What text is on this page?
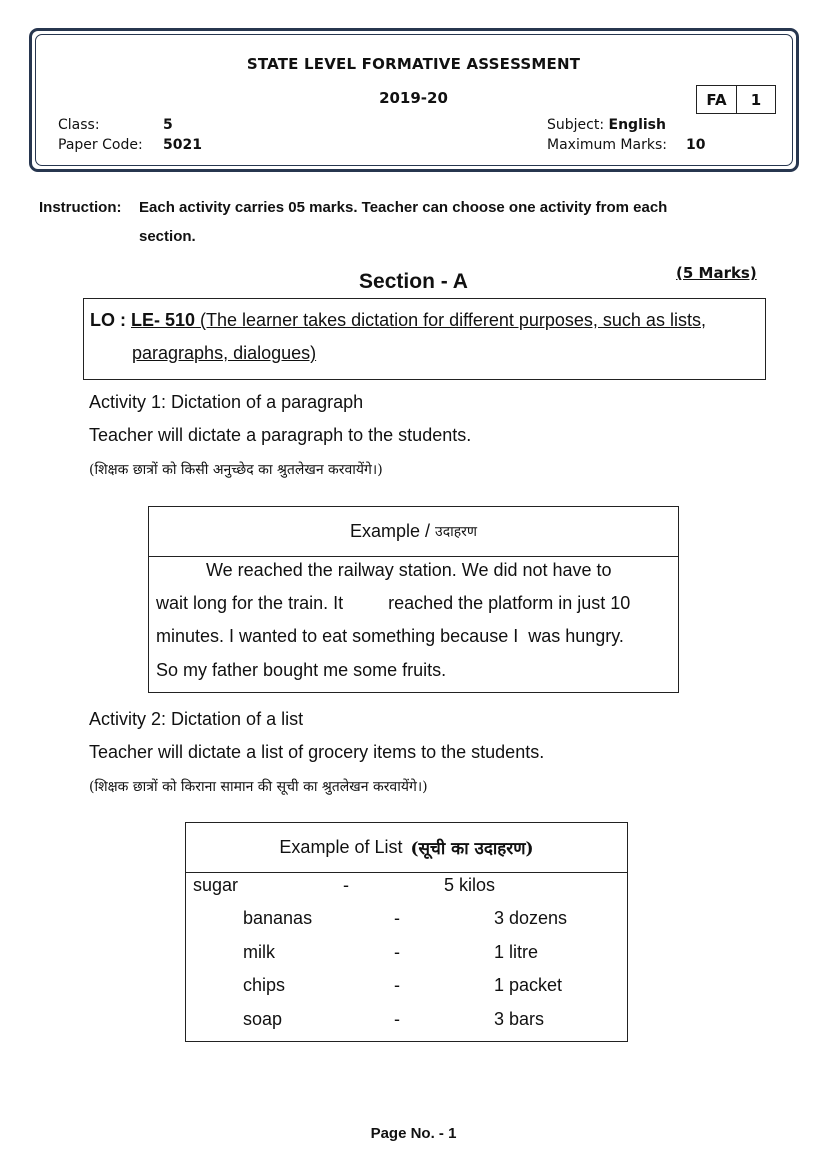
STATE LEVEL FORMATIVE ASSESSMENT
2019-20	FA	1
Class:	5
Paper Code: 5021
Subject: English
Maximum Marks: 10
Instruction: Each activity carries 05 marks. Teacher can choose one activity from each
section.
Section - A	(5 Marks)
LO : LE- 510 (The learner takes dictation for different purposes, such as lists,
paragraphs, dialogues)
Activity 1: Dictation of a paragraph
Teacher will dictate a paragraph to the students.
(शिक्षक छात्रों को किसी अनुच्छेद का श्रुतलेखन करवायेंगे।)
Example / उदाहरण
We reached the railway station. We did not have to
wait long for the train. It         reached the platform in just 10
minutes. I wanted to eat something because I  was hungry.
So my father bought me some fruits.
Activity 2: Dictation of a list
Teacher will dictate a list of grocery items to the students.
(शिक्षक छात्रों को किराना सामान की सूची का श्रुतलेखन करवायेंगे।)
Example of List (सूची का उदाहरण)
sugar	-	5 kilos
bananas	-	3 dozens
milk	-	1 litre
chips	-	1 packet
soap	-	3 bars
Page No. - 1
